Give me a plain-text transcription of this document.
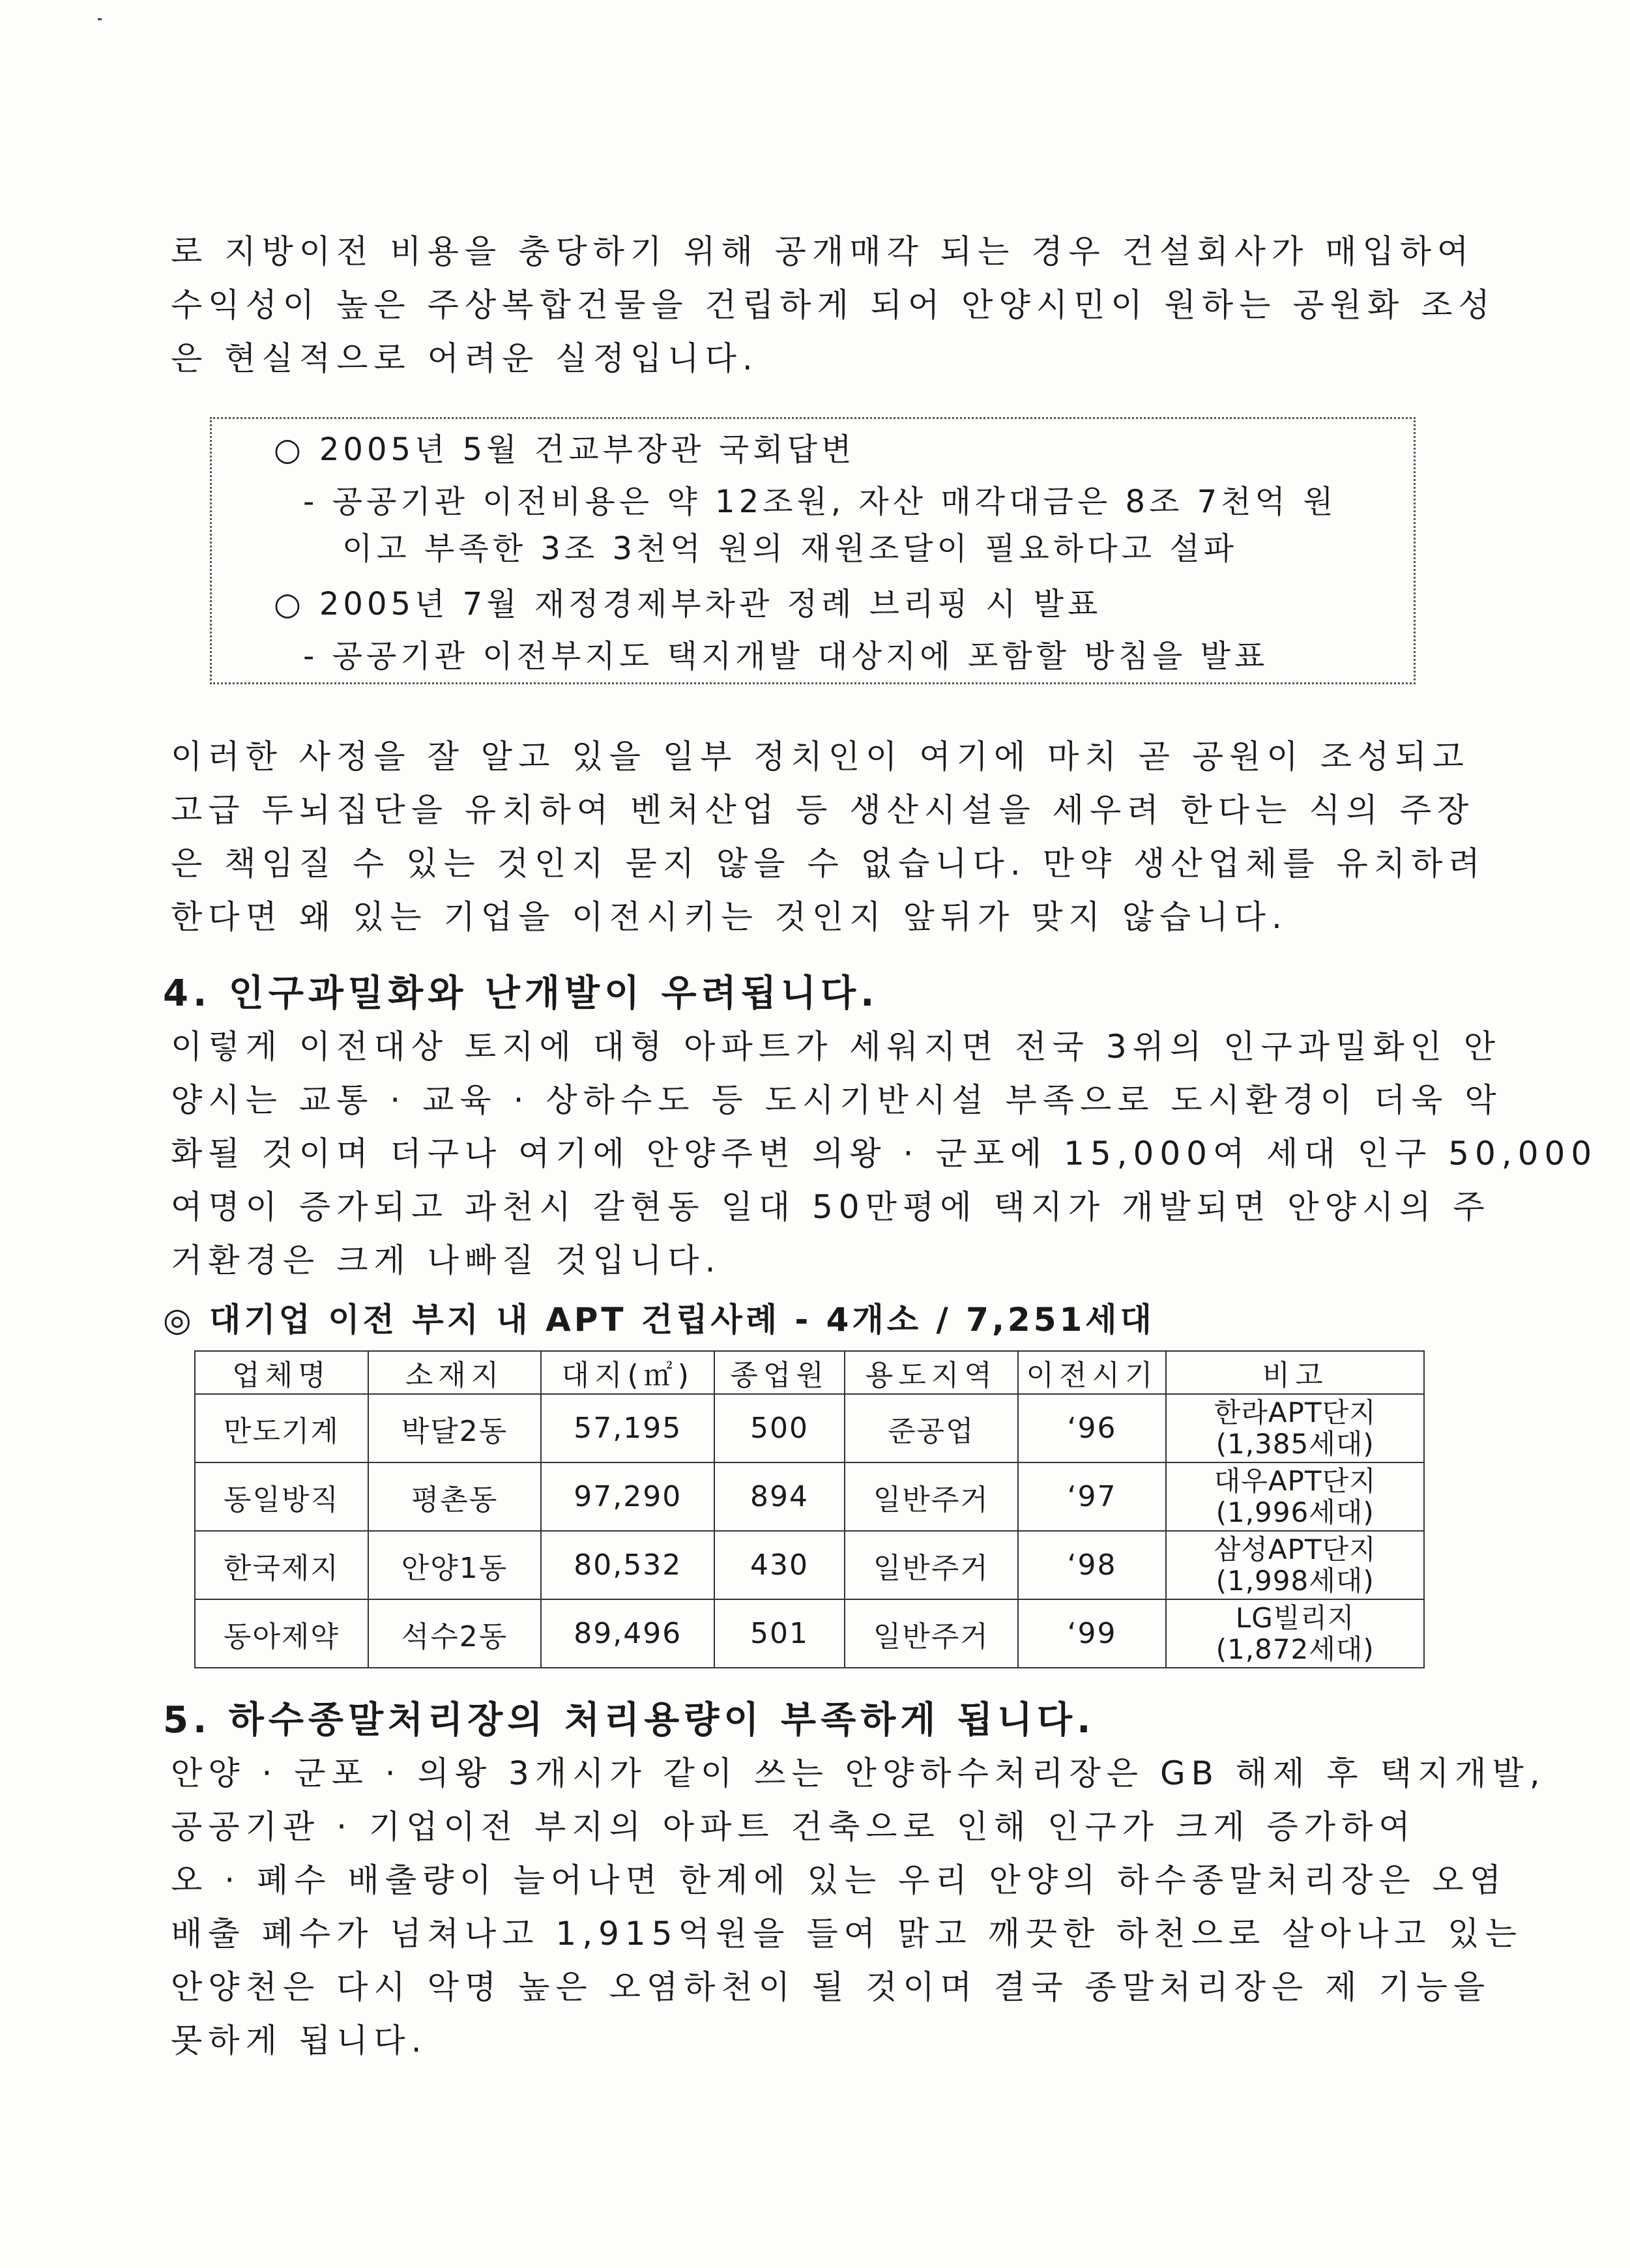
로 지방이전 비용을 충당하기 위해 공개매각 되는 경우 건설회사가 매입하여
수익성이 높은 주상복합건물을 건립하게 되어 안양시민이 원하는 공원화 조성
은 현실적으로 어려운 실정입니다.
○ 2005년 5월 건교부장관 국회답변
- 공공기관 이전비용은 약 12조원, 자산 매각대금은 8조 7천억 원
이고 부족한 3조 3천억 원의 재원조달이 필요하다고 설파
○ 2005년 7월 재정경제부차관 정례 브리핑 시 발표
- 공공기관 이전부지도 택지개발 대상지에 포함할 방침을 발표
이러한 사정을 잘 알고 있을 일부 정치인이 여기에 마치 곧 공원이 조성되고
고급 두뇌집단을 유치하여 벤처산업 등 생산시설을 세우려 한다는 식의 주장
은 책임질 수 있는 것인지 묻지 않을 수 없습니다. 만약 생산업체를 유치하려
한다면 왜 있는 기업을 이전시키는 것인지 앞뒤가 맞지 않습니다.
4. 인구과밀화와 난개발이 우려됩니다.
이렇게 이전대상 토지에 대형 아파트가 세워지면 전국 3위의 인구과밀화인 안
양시는 교통 · 교육 · 상하수도 등 도시기반시설 부족으로 도시환경이 더욱 악
화될 것이며 더구나 여기에 안양주변 의왕 · 군포에 15,000여 세대 인구 50,000
여명이 증가되고 과천시 갈현동 일대 50만평에 택지가 개발되면 안양시의 주
거환경은 크게 나빠질 것입니다.
◎ 대기업 이전 부지 내 APT 건립사례 - 4개소 / 7,251세대
업체명	소재지	대지(㎡)	종업원	용도지역	이전시기	비고
만도기계	박달2동	57,195	500	준공업	‘96	한라APT단지
(1,385세대)
동일방직	평촌동	97,290	894	일반주거	‘97	대우APT단지
(1,996세대)
한국제지	안양1동	80,532	430	일반주거	‘98	삼성APT단지
(1,998세대)
동아제약	석수2동	89,496	501	일반주거	‘99	LG빌리지
(1,872세대)
5. 하수종말처리장의 처리용량이 부족하게 됩니다.
안양 · 군포 · 의왕 3개시가 같이 쓰는 안양하수처리장은 GB 해제 후 택지개발,
공공기관 · 기업이전 부지의 아파트 건축으로 인해 인구가 크게 증가하여
오 · 폐수 배출량이 늘어나면 한계에 있는 우리 안양의 하수종말처리장은 오염
배출 폐수가 넘쳐나고 1,915억원을 들여 맑고 깨끗한 하천으로 살아나고 있는
안양천은 다시 악명 높은 오염하천이 될 것이며 결국 종말처리장은 제 기능을
못하게 됩니다.
